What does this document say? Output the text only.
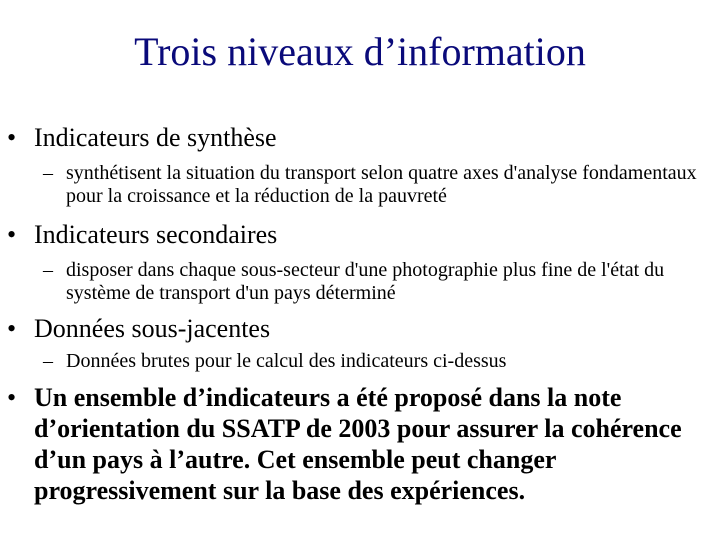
Trois niveaux d’information
• Indicateurs de synthèse
– synthétisent la situation du transport selon quatre axes d'analyse fondamentaux pour la croissance et la réduction de la pauvreté
• Indicateurs secondaires
– disposer dans chaque sous-secteur d'une photographie plus fine de l'état du système de transport d'un pays déterminé
• Données sous-jacentes
– Données brutes pour le calcul des indicateurs ci-dessus
• Un ensemble d’indicateurs a été proposé dans la note d’orientation du SSATP de 2003 pour assurer la cohérence d’un pays à l’autre. Cet ensemble peut changer progressivement sur la base des expériences.
